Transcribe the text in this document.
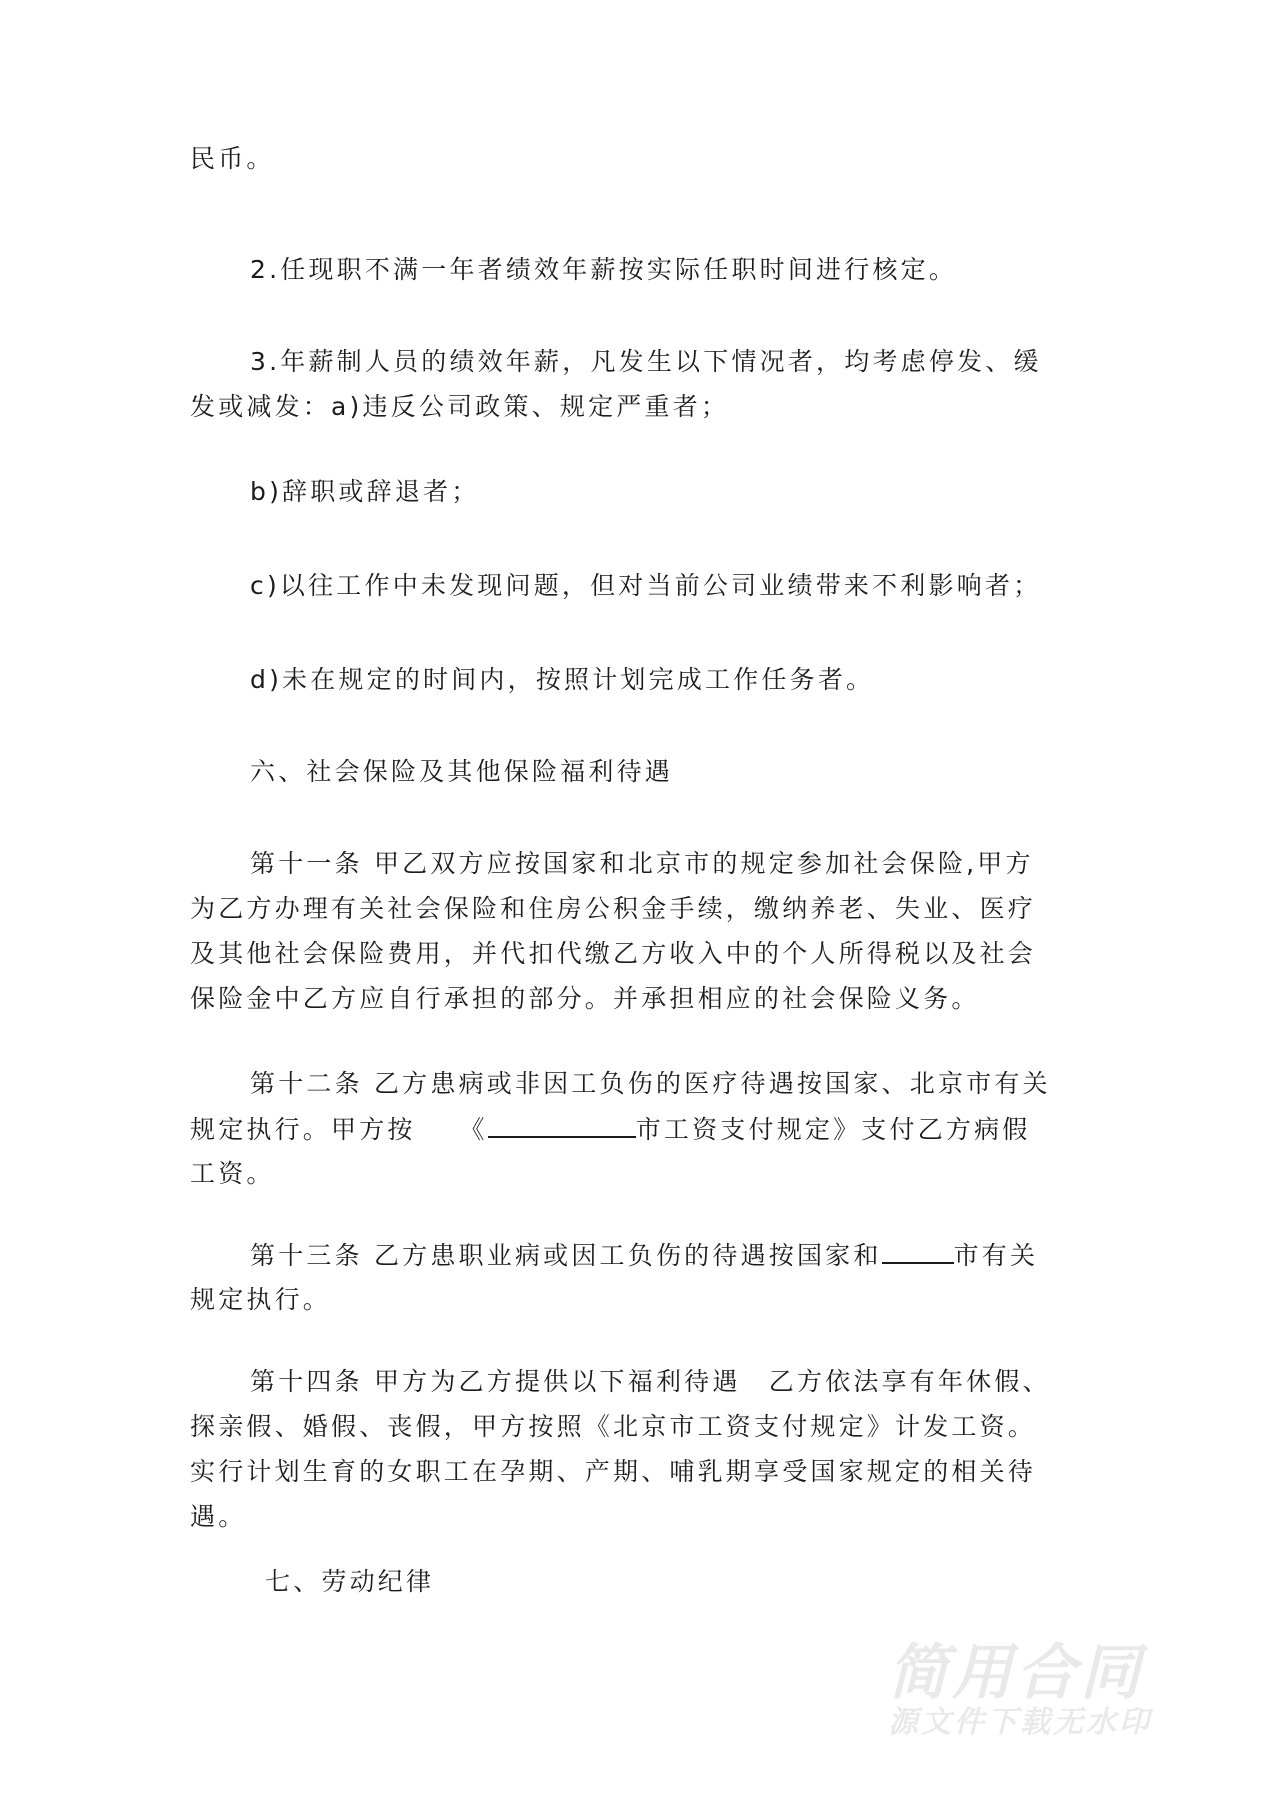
民币。
2.任现职不满一年者绩效年薪按实际任职时间进行核定。
3.年薪制人员的绩效年薪，凡发生以下情况者，均考虑停发、缓
发或减发：a)违反公司政策、规定严重者；
b)辞职或辞退者；
c)以往工作中未发现问题，但对当前公司业绩带来不利影响者；
d)未在规定的时间内，按照计划完成工作任务者。
六、社会保险及其他保险福利待遇
第十一条 甲乙双方应按国家和北京市的规定参加社会保险,甲方
为乙方办理有关社会保险和住房公积金手续，缴纳养老、失业、医疗
及其他社会保险费用，并代扣代缴乙方收入中的个人所得税以及社会
保险金中乙方应自行承担的部分。并承担相应的社会保险义务。
第十二条 乙方患病或非因工负伤的医疗待遇按国家、北京市有关
规定执行。甲方按　　《	市工资支付规定》支付乙方病假
工资。
第十三条 乙方患职业病或因工负伤的待遇按国家和	市有关
规定执行。
第十四条 甲方为乙方提供以下福利待遇　乙方依法享有年休假、
探亲假、婚假、丧假，甲方按照《北京市工资支付规定》计发工资。
实行计划生育的女职工在孕期、产期、哺乳期享受国家规定的相关待
遇。
七、劳动纪律
简用合同
源文件下载无水印
